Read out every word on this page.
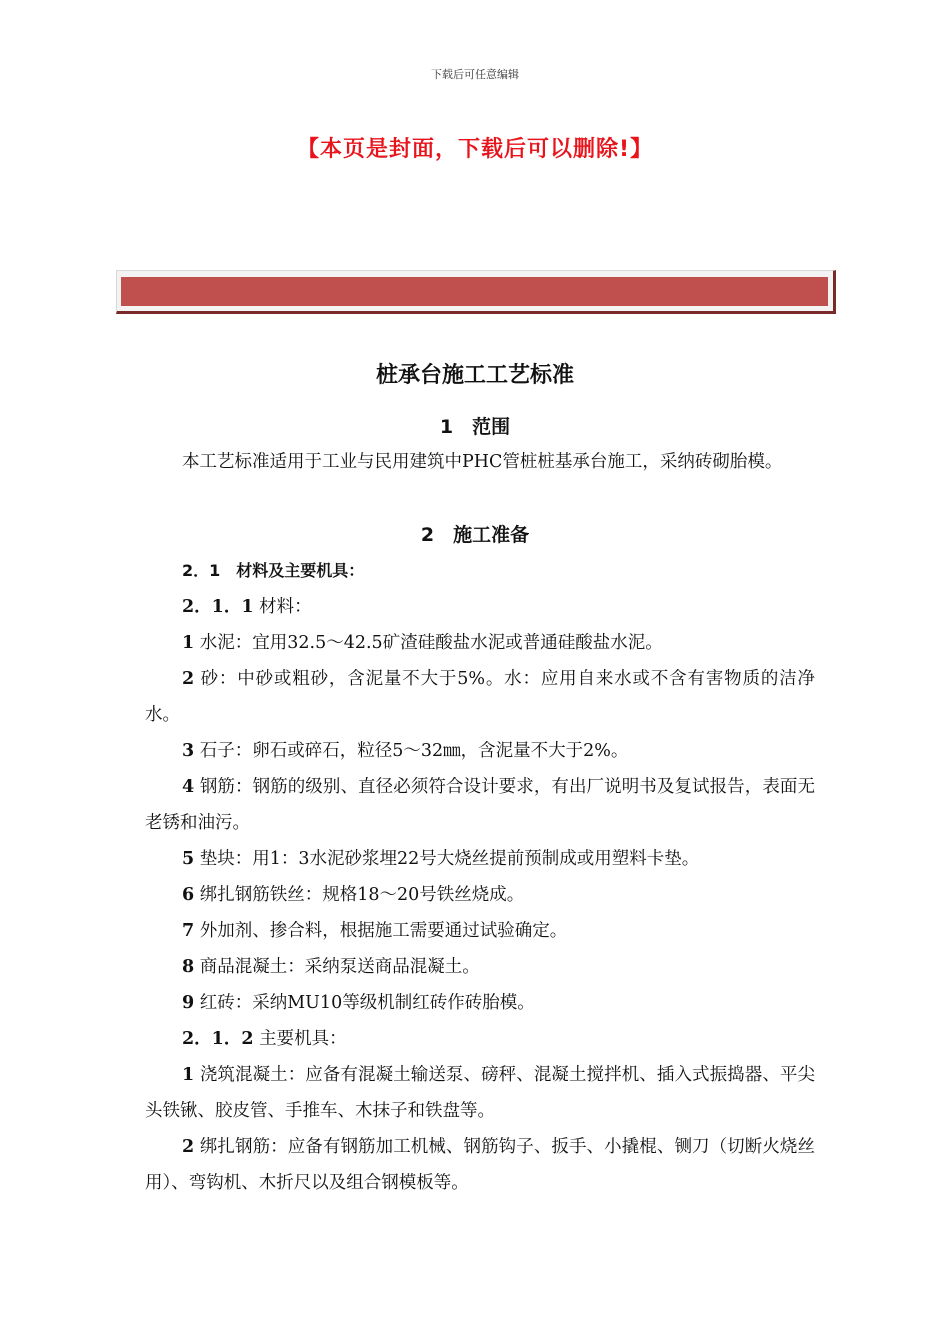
下载后可任意编辑
【本页是封面，下载后可以删除!】
桩承台施工工艺标准
1　范围
本工艺标准适用于工业与民用建筑中PHC管桩桩基承台施工，采纳砖砌胎模。
2　施工准备
2．1　材料及主要机具：
2．1．1 材料：
1 水泥：宜用32.5～42.5矿渣硅酸盐水泥或普通硅酸盐水泥。
2 砂：中砂或粗砂，含泥量不大于5%。水：应用自来水或不含有害物质的洁净水。
3 石子：卵石或碎石，粒径5～32㎜，含泥量不大于2%。
4 钢筋：钢筋的级别、直径必须符合设计要求，有出厂说明书及复试报告，表面无老锈和油污。
5 垫块：用1：3水泥砂浆埋22号大烧丝提前预制成或用塑料卡垫。
6 绑扎钢筋铁丝：规格18～20号铁丝烧成。
7 外加剂、掺合料，根据施工需要通过试验确定。
8 商品混凝土：采纳泵送商品混凝土。
9 红砖：采纳MU10等级机制红砖作砖胎模。
2．1．2 主要机具：
1 浇筑混凝土：应备有混凝土输送泵、磅秤、混凝土搅拌机、插入式振捣器、平尖头铁锹、胶皮管、手推车、木抹子和铁盘等。
2 绑扎钢筋：应备有钢筋加工机械、钢筋钩子、扳手、小撬棍、铡刀（切断火烧丝用）、弯钩机、木折尺以及组合钢模板等。
